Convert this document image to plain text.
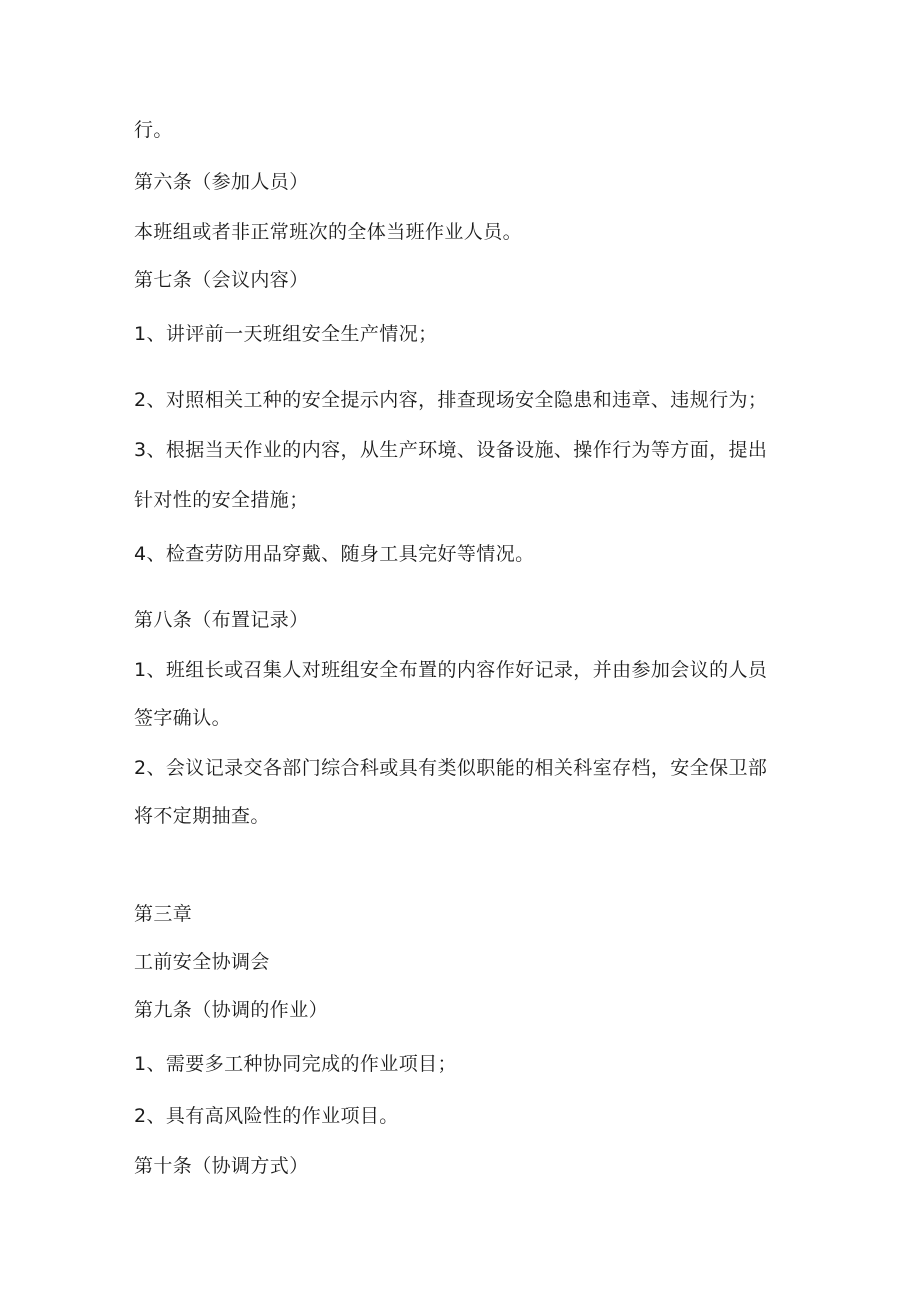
行。
第六条（参加人员）
本班组或者非正常班次的全体当班作业人员。
第七条（会议内容）
1、讲评前一天班组安全生产情况；
2、对照相关工种的安全提示内容，排查现场安全隐患和违章、违规行为；
3、根据当天作业的内容，从生产环境、设备设施、操作行为等方面，提出
针对性的安全措施；
4、检查劳防用品穿戴、随身工具完好等情况。
第八条（布置记录）
1、班组长或召集人对班组安全布置的内容作好记录，并由参加会议的人员
签字确认。
2、会议记录交各部门综合科或具有类似职能的相关科室存档，安全保卫部
将不定期抽查。
第三章
工前安全协调会
第九条（协调的作业）
1、需要多工种协同完成的作业项目；
2、具有高风险性的作业项目。
第十条（协调方式）
